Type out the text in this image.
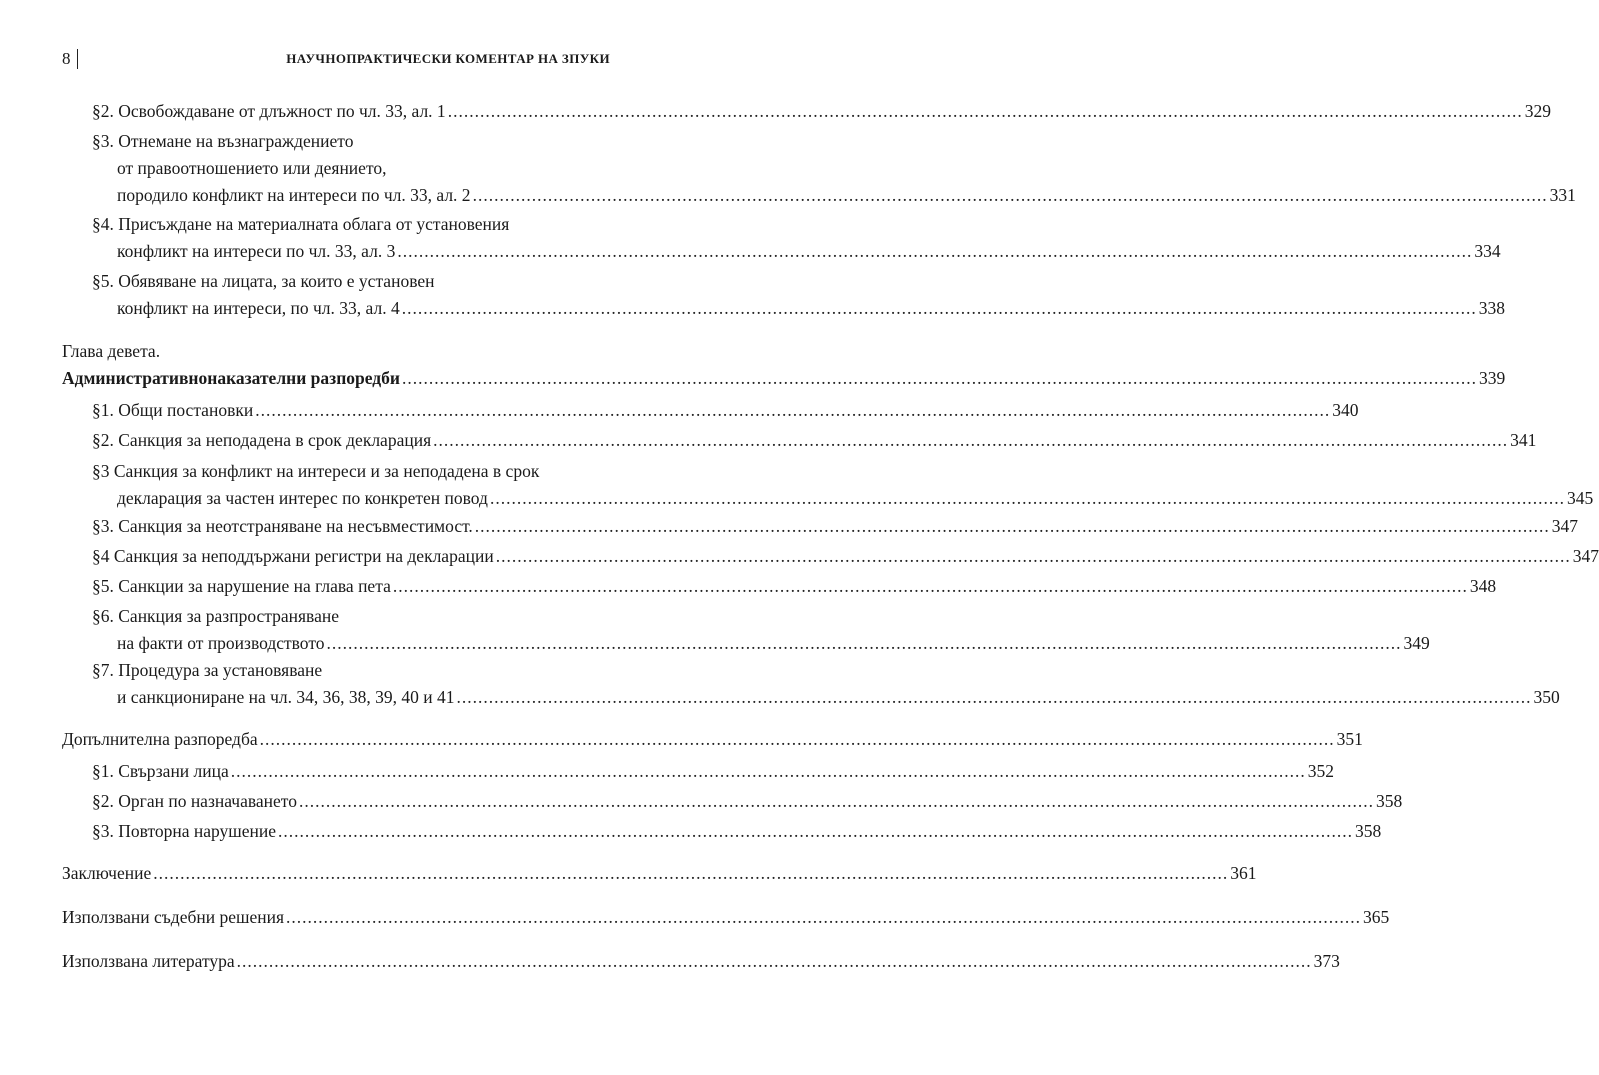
8	НАУЧНОПРАКТИЧЕСКИ КОМЕНТАР НА ЗПУКИ
§2. Освобождаване от длъжност по чл. 33, ал. 1 ........................................................................................................................................................................................................ 329
§3. Отнемане на възнаграждението
от правоотношението или деянието,
породило конфликт на интереси по чл. 33, ал. 2 ........................................................................................................................................................................................................ 331
§4. Присъждане на материалната облага от установения
конфликт на интереси по чл. 33, ал. 3 ........................................................................................................................................................................................................ 334
§5. Обявяване на лицата, за които е установен
конфликт на интереси, по чл. 33, ал. 4 ........................................................................................................................................................................................................ 338
Глава девета.
Административнонаказателни разпоредби ........................................................................................................................................................................................................ 339
§1. Общи постановки ........................................................................................................................................................................................................ 340
§2. Санкция за неподадена в срок декларация ........................................................................................................................................................................................................ 341
§3 Санкция за конфликт на интереси и за неподадена в срок
декларация за частен интерес по конкретен повод ........................................................................................................................................................................................................ 345
§3. Санкция за неотстраняване на несъвместимост. ........................................................................................................................................................................................................ 347
§4 Санкция за неподдържани регистри на декларации ........................................................................................................................................................................................................ 347
§5. Санкции за нарушение на глава пета ........................................................................................................................................................................................................ 348
§6. Санкция за разпространяване
на факти от производството ........................................................................................................................................................................................................ 349
§7. Процедура за установяване
и санкциониране на чл. 34, 36, 38, 39, 40 и 41 ........................................................................................................................................................................................................ 350
Допълнителна разпоредба ........................................................................................................................................................................................................ 351
§1. Свързани лица ........................................................................................................................................................................................................ 352
§2. Орган по назначаването ........................................................................................................................................................................................................ 358
§3. Повторна нарушение ........................................................................................................................................................................................................ 358
Заключение ........................................................................................................................................................................................................ 361
Използвани съдебни решения ........................................................................................................................................................................................................ 365
Използвана литература ........................................................................................................................................................................................................ 373
